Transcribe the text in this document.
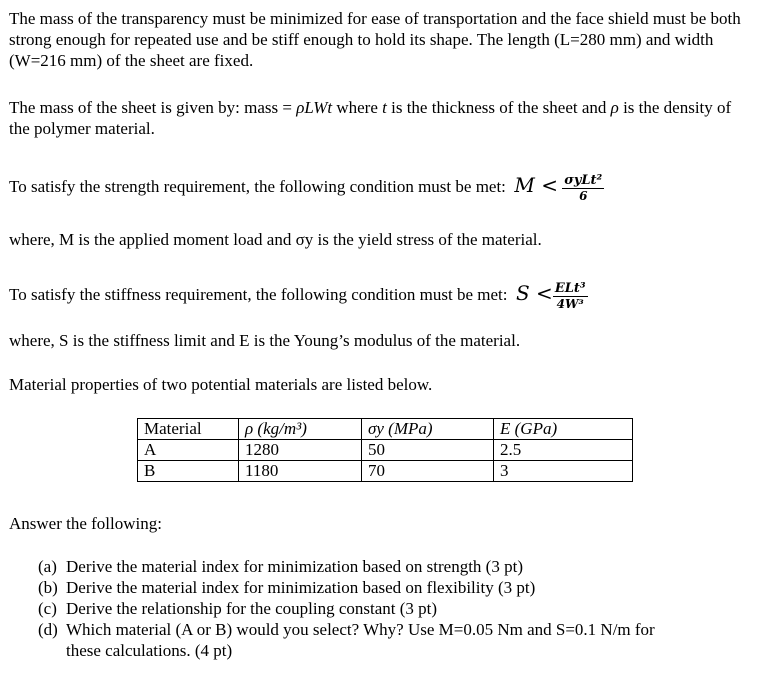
The mass of the transparency must be minimized for ease of transportation and the face shield must be both strong enough for repeated use and be stiff enough to hold its shape. The length (L=280 mm) and width (W=216 mm) of the sheet are fixed.

The mass of the sheet is given by: mass = ρLWt where t is the thickness of the sheet and ρ is the density of the polymer material.

To satisfy the strength requirement, the following condition must be met: $M < \frac{\text{σyLt²}}{6}$

where, M is the applied moment load and σy is the yield stress of the material.

To satisfy the stiffness requirement, the following condition must be met: $S < \frac{\text{ELt³}}{\text{4W³}}$

where, S is the stiffness limit and E is the Young’s modulus of the material.

Material properties of two potential materials are listed below.

Material	ρ (kg/m³)	σy (MPa)	E (GPa)
A	1280	50	2.5
B	1180	70	3

Answer the following:

(a) Derive the material index for minimization based on strength (3 pt)
(b) Derive the material index for minimization based on flexibility (3 pt)
(c) Derive the relationship for the coupling constant (3 pt)
(d) Which material (A or B) would you select? Why? Use M=0.05 Nm and S=0.1 N/m for
these calculations. (4 pt)
